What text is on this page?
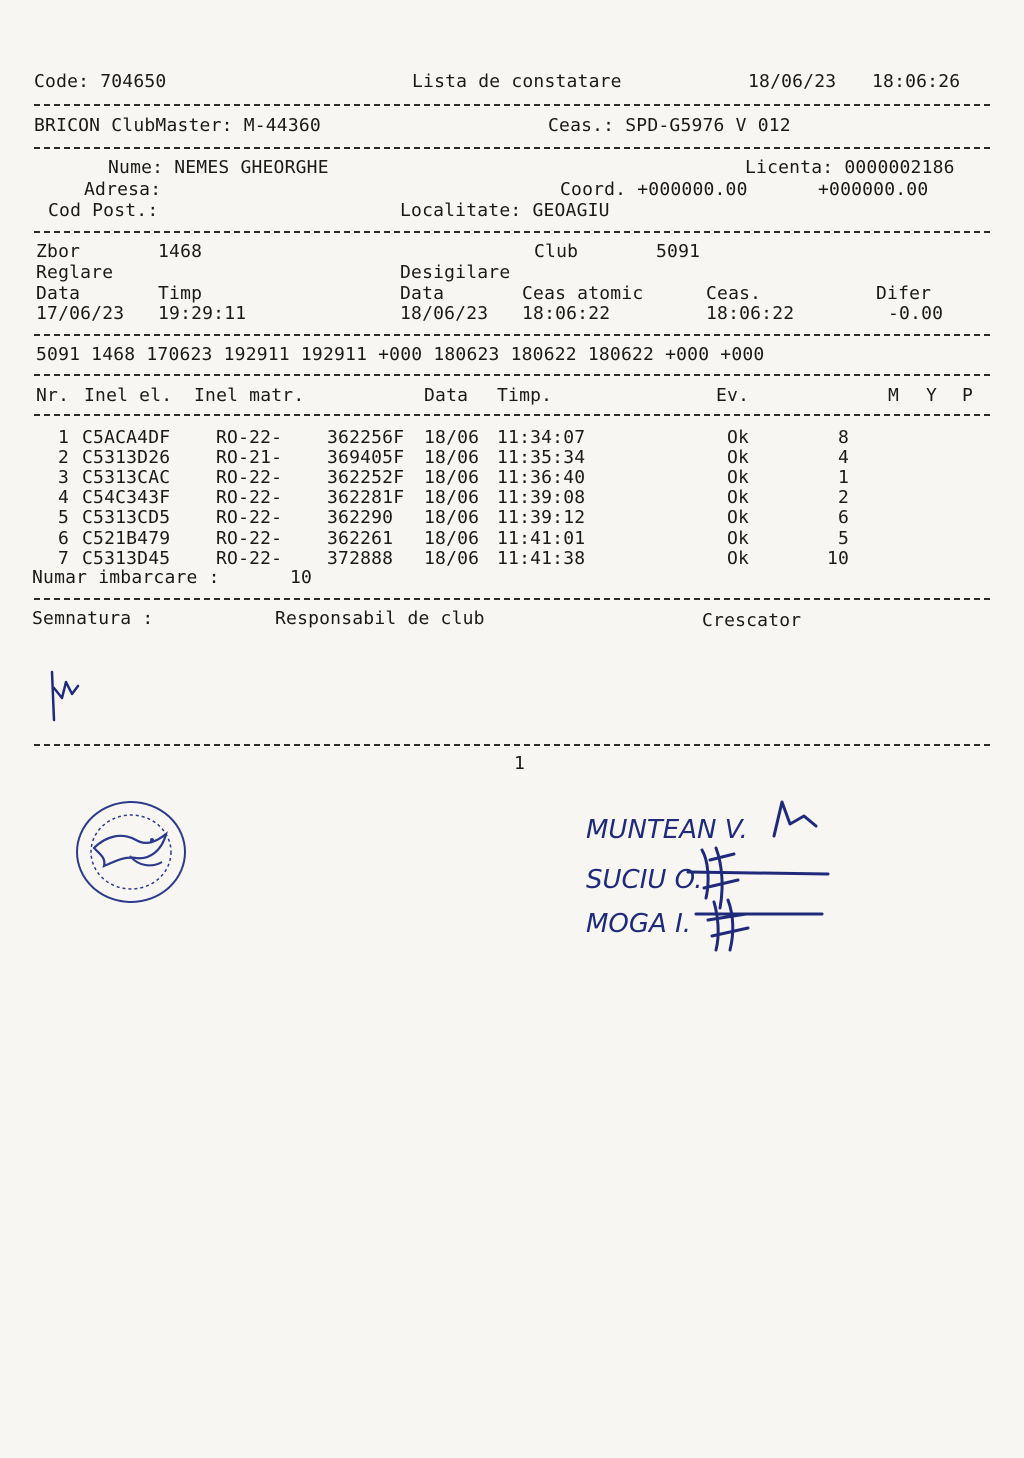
Code: 704650	Lista de constatare	18/06/23 18:06:26
BRICON ClubMaster: M-44360	Ceas.: SPD-G5976 V 012
Nume: NEMES GHEORGHE	Licenta: 0000002186
Adresa:	Coord. +000000.00	+000000.00
Cod Post.:	Localitate: GEOAGIU
Zbor	1468	Club	5091
Reglare	Desigilare
Data	Timp	Data	Ceas atomic	Ceas.	Difer
17/06/23 19:29:11	18/06/23 18:06:22	18:06:22	-0.00
5091 1468 170623 192911 192911 +000 180623 180622 180622 +000 +000
Nr. Inel el. Inel matr.	Data Timp.	Ev.	M Y P
1 C5ACA4DF	RO-22- 362256F 18/06 11:34:07	Ok	8
2 C5313D26	RO-21- 369405F 18/06 11:35:34	Ok	4
3 C5313CAC	RO-22- 362252F 18/06 11:36:40	Ok	1
4 C54C343F	RO-22- 362281F 18/06 11:39:08	Ok	2
5 C5313CD5	RO-22- 362290 18/06 11:39:12	Ok	6
6 C521B479	RO-22- 362261 18/06 11:41:01	Ok	5
7 C5313D45	RO-22- 372888 18/06 11:41:38	Ok	10
Numar imbarcare :	10
Semnatura :	Responsabil de club	Crescator
1
MUNTEAN V.
SUCIU O.
MOGA I.
